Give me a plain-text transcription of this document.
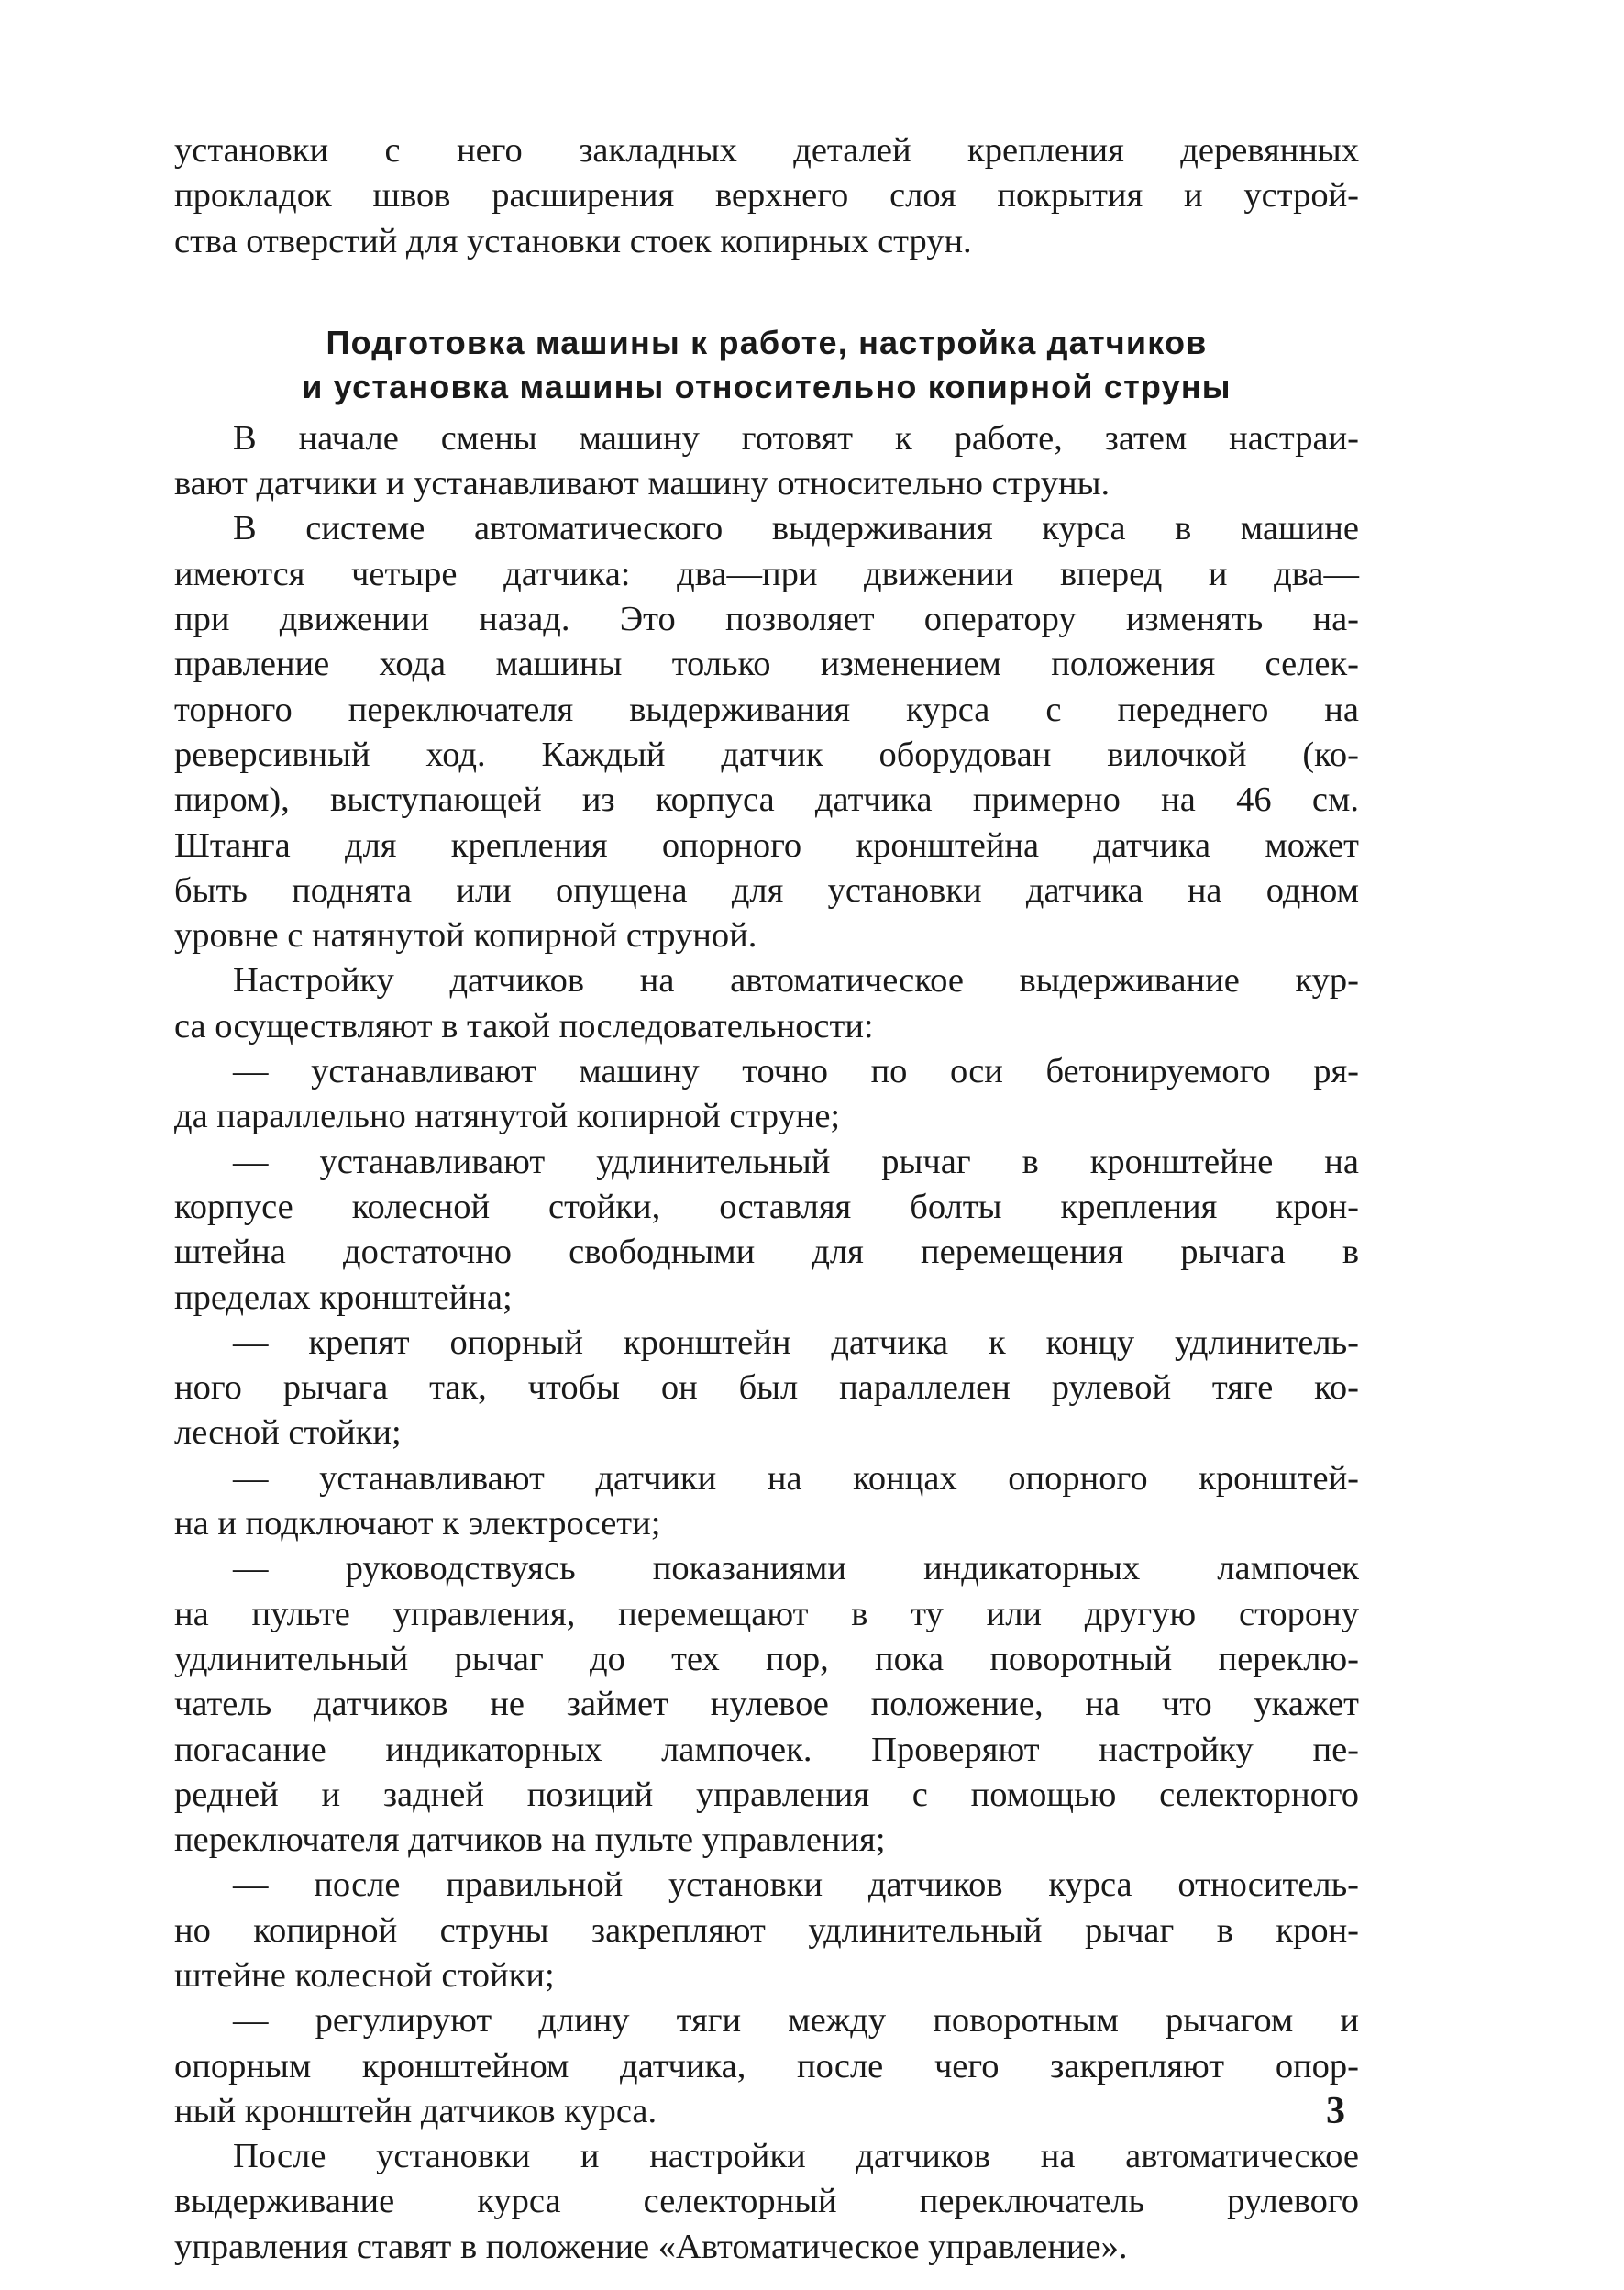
установки с него закладных деталей крепления деревянных
прокладок швов расширения верхнего слоя покрытия и устрой-
ства отверстий для установки стоек копирных струн.
Подготовка машины к работе, настройка датчиков
и установка машины относительно копирной струны
В начале смены машину готовят к работе, затем настраи-
вают датчики и устанавливают машину относительно струны.
В системе автоматического выдерживания курса в машине
имеются четыре датчика: два—при движении вперед и два—
при движении назад. Это позволяет оператору изменять на-
правление хода машины только изменением положения селек-
торного переключателя выдерживания курса с переднего на
реверсивный ход. Каждый датчик оборудован вилочкой (ко-
пиром), выступающей из корпуса датчика примерно на 46 см.
Штанга для крепления опорного кронштейна датчика может
быть поднята или опущена для установки датчика на одном
уровне с натянутой копирной струной.
Настройку датчиков на автоматическое выдерживание кур-
са осуществляют в такой последовательности:
— устанавливают машину точно по оси бетонируемого ря-
да параллельно натянутой копирной струне;
— устанавливают удлинительный рычаг в кронштейне на
корпусе колесной стойки, оставляя болты крепления крон-
штейна достаточно свободными для перемещения рычага в
пределах кронштейна;
— крепят опорный кронштейн датчика к концу удлинитель-
ного рычага так, чтобы он был параллелен рулевой тяге ко-
лесной стойки;
— устанавливают датчики на концах опорного кронштей-
на и подключают к электросети;
— руководствуясь показаниями индикаторных лампочек
на пульте управления, перемещают в ту или другую сторону
удлинительный рычаг до тех пор, пока поворотный переклю-
чатель датчиков не займет нулевое положение, на что укажет
погасание индикаторных лампочек. Проверяют настройку пе-
редней и задней позиций управления с помощью селекторного
переключателя датчиков на пульте управления;
— после правильной установки датчиков курса относитель-
но копирной струны закрепляют удлинительный рычаг в крон-
штейне колесной стойки;
— регулируют длину тяги между поворотным рычагом и
опорным кронштейном датчика, после чего закрепляют опор-
ный кронштейн датчиков курса.
После установки и настройки датчиков на автоматическое
выдерживание курса селекторный переключатель рулевого
управления ставят в положение «Автоматическое управление».
3
